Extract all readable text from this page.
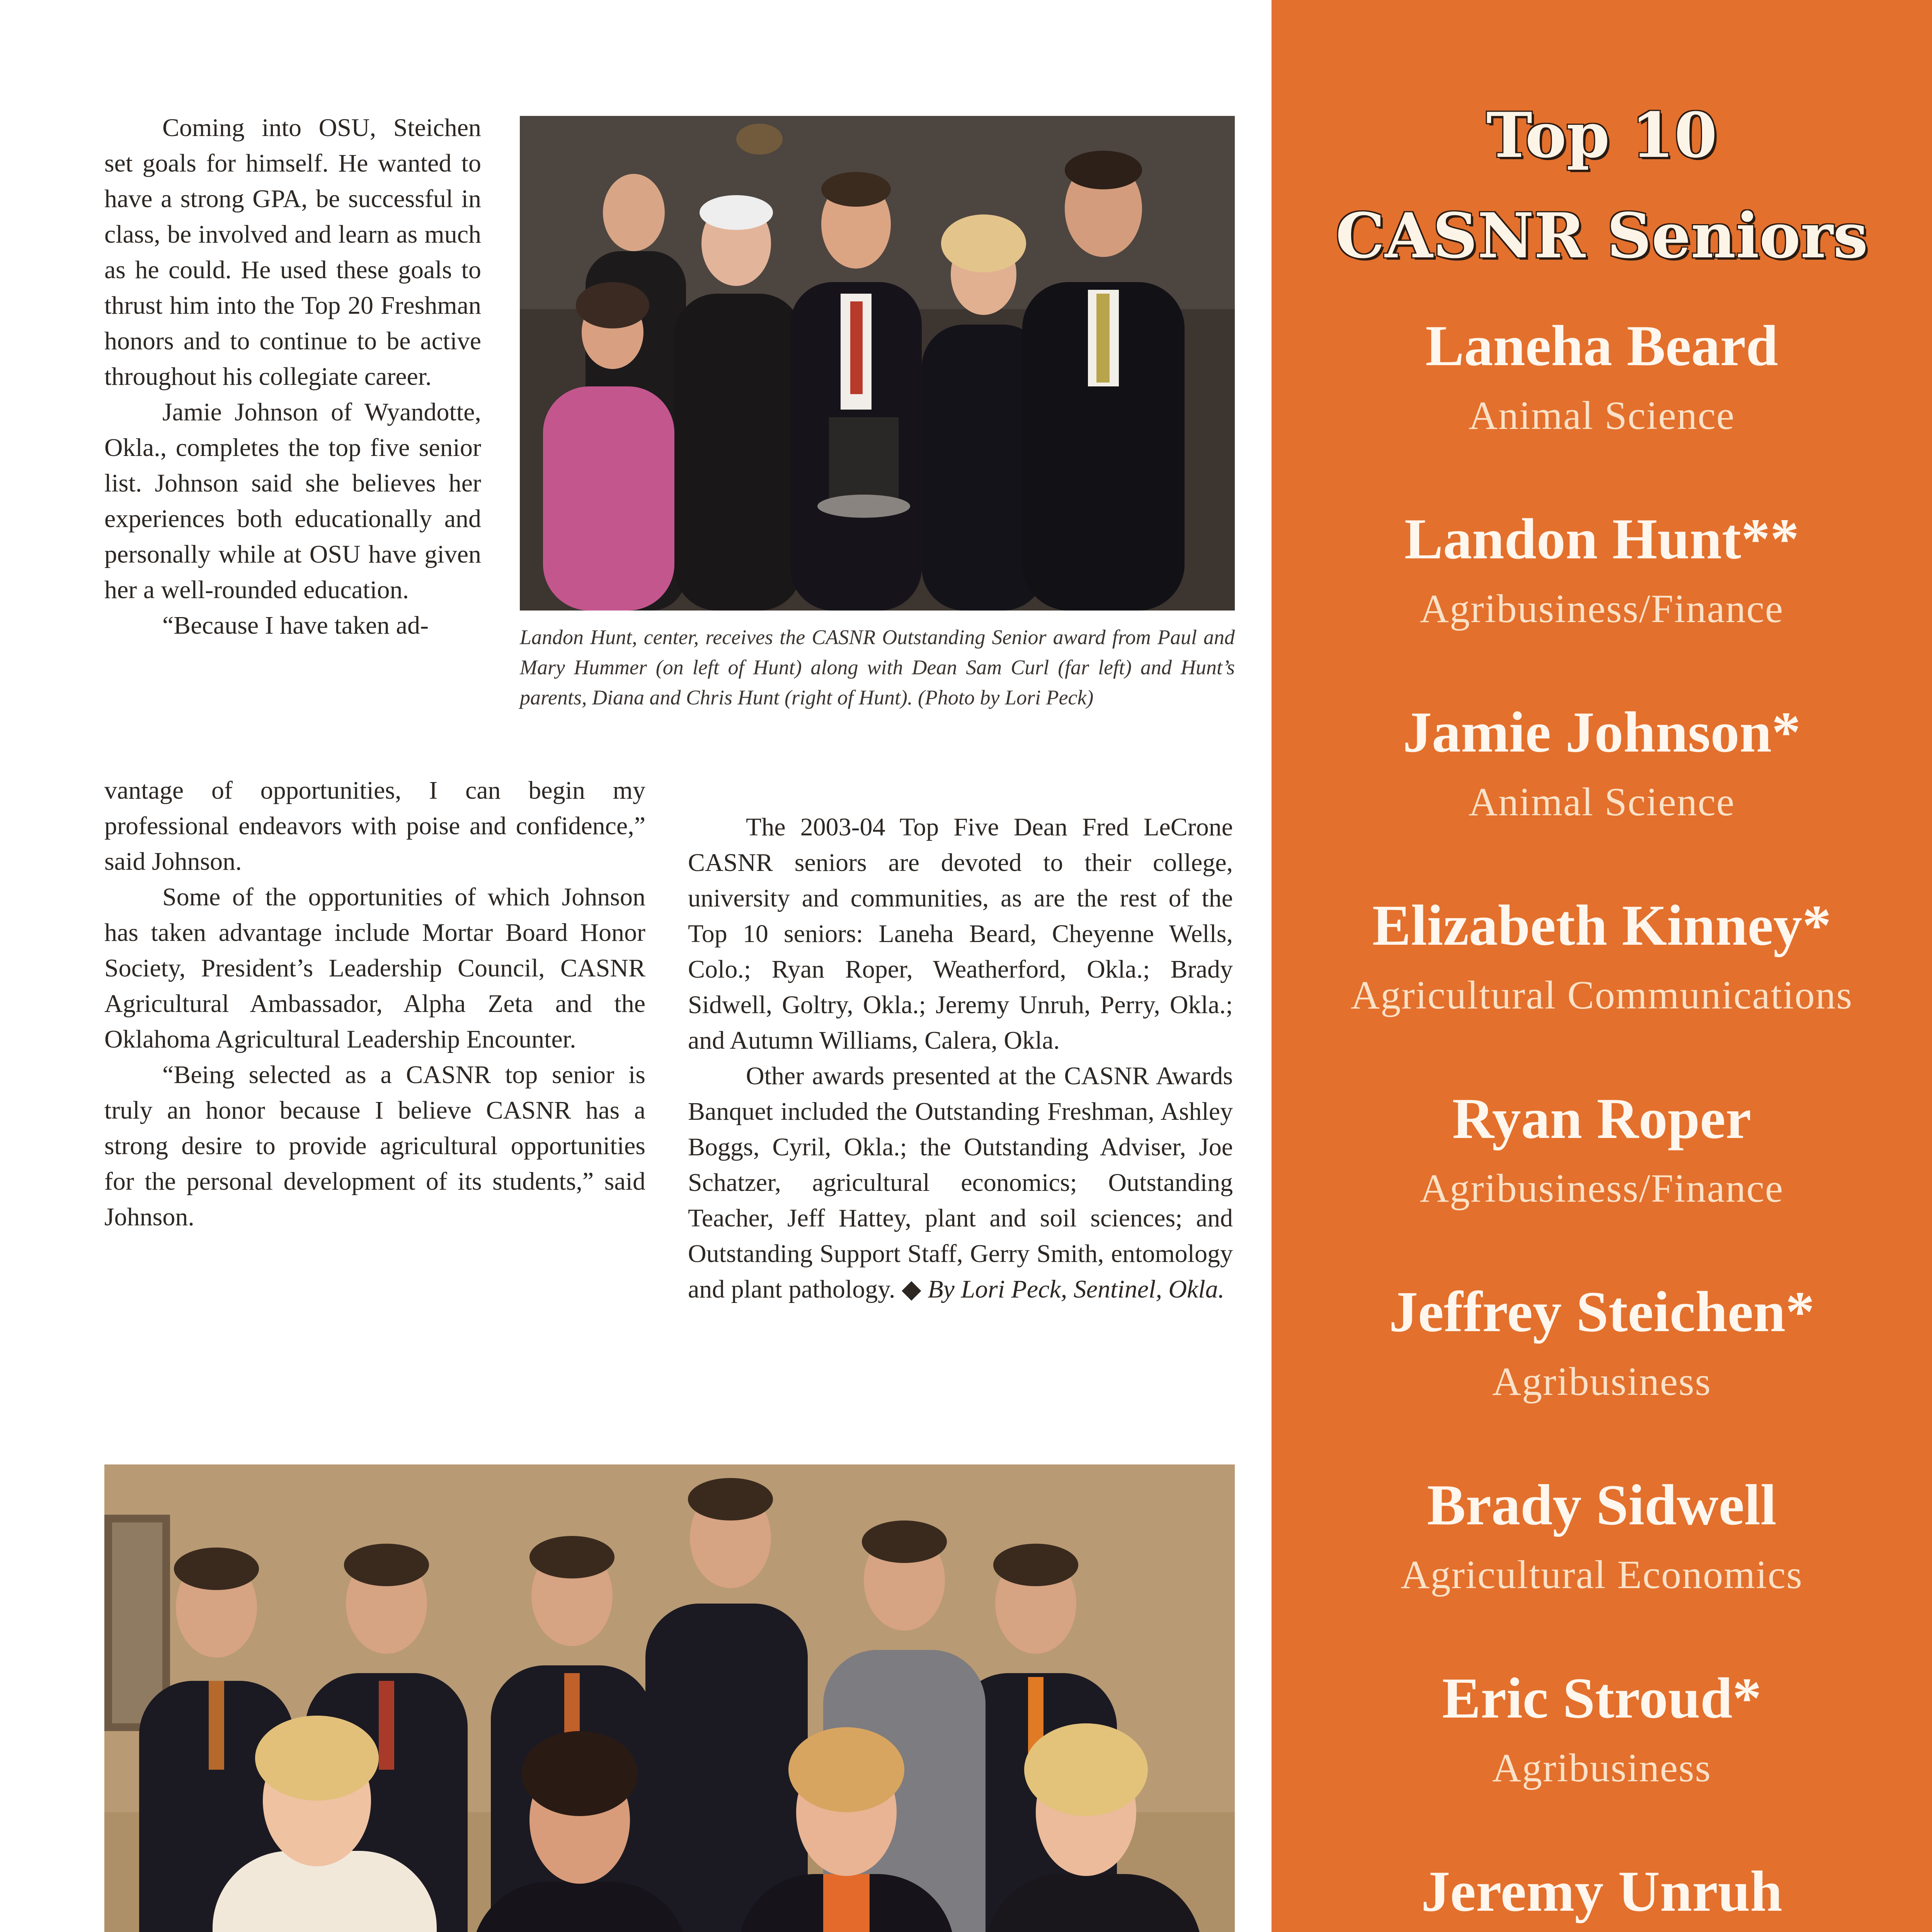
Coming into OSU, Steichen set goals for himself. He wanted to have a strong GPA, be successful in class, be involved and learn as much as he could. He used these goals to thrust him into the Top 20 Freshman honors and to continue to be active throughout his collegiate career.

Jamie Johnson of Wyandotte, Okla., completes the top five senior list. Johnson said she believes her experiences both educationally and personally while at OSU have given her a well-rounded education.

“Because I have taken ad-

vantage of opportunities, I can begin my professional endeavors with poise and confidence,” said Johnson.

Some of the opportunities of which Johnson has taken advantage include Mortar Board Honor Society, President’s Leadership Council, CASNR Agricultural Ambassador, Alpha Zeta and the Oklahoma Agricultural Leadership Encounter.

“Being selected as a CASNR top senior is truly an honor because I believe CASNR has a strong desire to provide agricultural opportunities for the personal development of its students,” said Johnson.

The 2003-04 Top Five Dean Fred LeCrone CASNR seniors are devoted to their college, university and communities, as are the rest of the Top 10 seniors: Laneha Beard, Cheyenne Wells, Colo.; Ryan Roper, Weatherford, Okla.; Brady Sidwell, Goltry, Okla.; Jeremy Unruh, Perry, Okla.; and Autumn Williams, Calera, Okla.

Other awards presented at the CASNR Awards Banquet included the Outstanding Freshman, Ashley Boggs, Cyril, Okla.; the Outstanding Adviser, Joe Schatzer, agricultural economics; Outstanding Teacher, Jeff Hattey, plant and soil sciences; and Outstanding Support Staff, Gerry Smith, entomology and plant pathology. ◆ By Lori Peck, Sentinel, Okla.

Landon Hunt, center, receives the CASNR Outstanding Senior award from Paul and Mary Hummer (on left of Hunt) along with Dean Sam Curl (far left) and Hunt’s parents, Diana and Chris Hunt (right of Hunt). (Photo by Lori Peck)
Top 10
CASNR Seniors
Laneha Beard
Animal Science
Landon Hunt**
Agribusiness/Finance
Jamie Johnson*
Animal Science
Elizabeth Kinney*
Agricultural Communications
Ryan Roper
Agribusiness/Finance
Jeffrey Steichen*
Agribusiness
Brady Sidwell
Agricultural Economics
Eric Stroud*
Agribusiness
Jeremy Unruh
